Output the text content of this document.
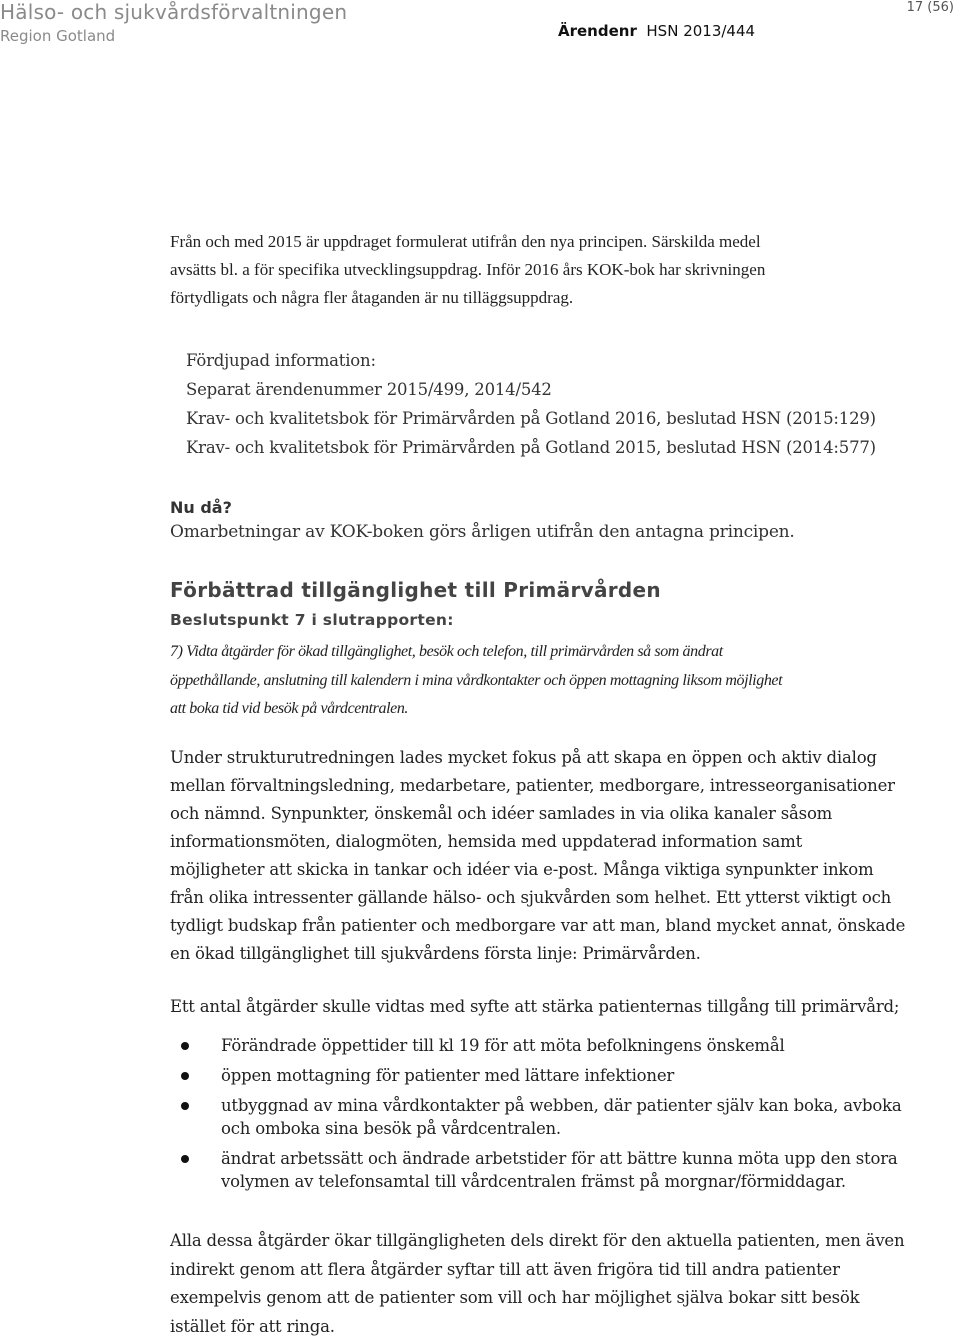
Hälso- och sjukvårdsförvaltningen
Region Gotland	Ärendenr HSN 2013/444
17 (56)
Från och med 2015 är uppdraget formulerat utifrån den nya principen. Särskilda medel
avsätts bl. a för specifika utvecklingsuppdrag. Inför 2016 års KOK-bok har skrivningen
förtydligats och några fler åtaganden är nu tilläggsuppdrag.
Fördjupad information:
Separat ärendenummer 2015/499, 2014/542
Krav- och kvalitetsbok för Primärvården på Gotland 2016, beslutad HSN (2015:129)
Krav- och kvalitetsbok för Primärvården på Gotland 2015, beslutad HSN (2014:577)
Nu då?
Omarbetningar av KOK-boken görs årligen utifrån den antagna principen.
Förbättrad tillgänglighet till Primärvården
Beslutspunkt 7 i slutrapporten:
7) Vidta åtgärder för ökad tillgänglighet, besök och telefon, till primärvården så som ändrat
öppethållande, anslutning till kalendern i mina vårdkontakter och öppen mottagning liksom möjlighet
att boka tid vid besök på vårdcentralen.
Under strukturutredningen lades mycket fokus på att skapa en öppen och aktiv dialog
mellan förvaltningsledning, medarbetare, patienter, medborgare, intresseorganisationer
och nämnd. Synpunkter, önskemål och idéer samlades in via olika kanaler såsom
informationsmöten, dialogmöten, hemsida med uppdaterad information samt
möjligheter att skicka in tankar och idéer via e-post. Många viktiga synpunkter inkom
från olika intressenter gällande hälso- och sjukvården som helhet. Ett ytterst viktigt och
tydligt budskap från patienter och medborgare var att man, bland mycket annat, önskade
en ökad tillgänglighet till sjukvårdens första linje: Primärvården.
Ett antal åtgärder skulle vidtas med syfte att stärka patienternas tillgång till primärvård;
Förändrade öppettider till kl 19 för att möta befolkningens önskemål
öppen mottagning för patienter med lättare infektioner
utbyggnad av mina vårdkontakter på webben, där patienter själv kan boka, avboka
och omboka sina besök på vårdcentralen.
ändrat arbetssätt och ändrade arbetstider för att bättre kunna möta upp den stora
volymen av telefonsamtal till vårdcentralen främst på morgnar/förmiddagar.
Alla dessa åtgärder ökar tillgängligheten dels direkt för den aktuella patienten, men även
indirekt genom att flera åtgärder syftar till att även frigöra tid till andra patienter
exempelvis genom att de patienter som vill och har möjlighet själva bokar sitt besök
istället för att ringa.
